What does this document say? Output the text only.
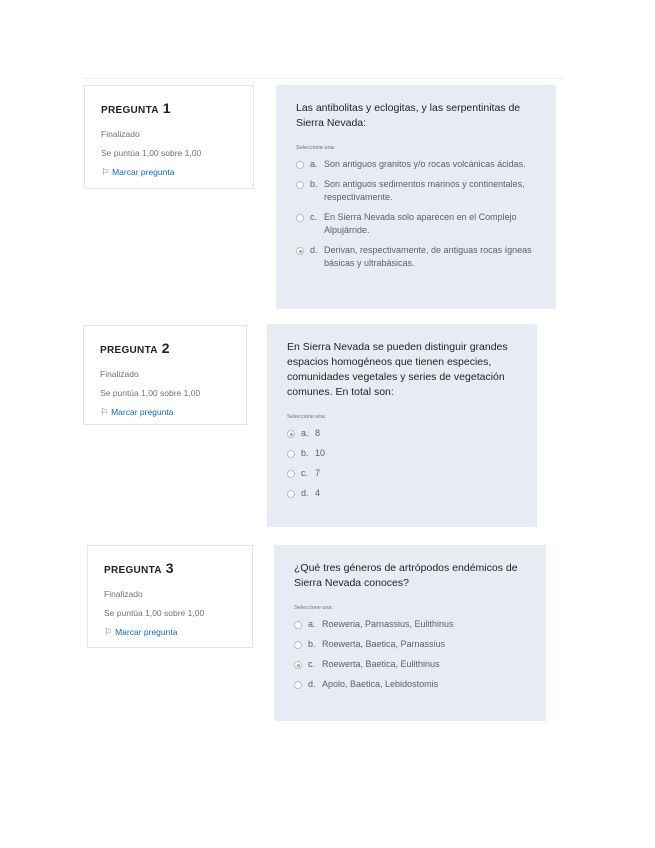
PREGUNTA 1
Finalizado
Se puntúa 1,00 sobre 1,00
⚐ Marcar pregunta
Las antibolitas y eclogitas, y las serpentinitas de Sierra Nevada:
Seleccione una:
a. Son antiguos granitos y/o rocas volcánicas ácidas.
b. Son antiguos sedimentos marinos y continentales, respectivamente.
c. En Sierra Nevada solo aparecen en el Complejo Alpujárride.
d. Derivan, respectivamente, de antiguas rocas ígneas básicas y ultrabásicas.
PREGUNTA 2
Finalizado
Se puntúa 1,00 sobre 1,00
⚐ Marcar pregunta
En Sierra Nevada se pueden distinguir grandes espacios homogéneos que tienen especies, comunidades vegetales y series de vegetación comunes. En total son:
Seleccione una:
a. 8
b. 10
c. 7
d. 4
PREGUNTA 3
Finalizado
Se puntúa 1,00 sobre 1,00
⚐ Marcar pregunta
¿Qué tres géneros de artrópodos endémicos de Sierra Nevada conoces?
Seleccione una:
a. Roeweria, Parnassius, Eulithinus
b. Roewerta, Baetica, Parnassius
c. Roewerta, Baetica, Eulithinus
d. Apolo, Baetica, Lebidostomis
